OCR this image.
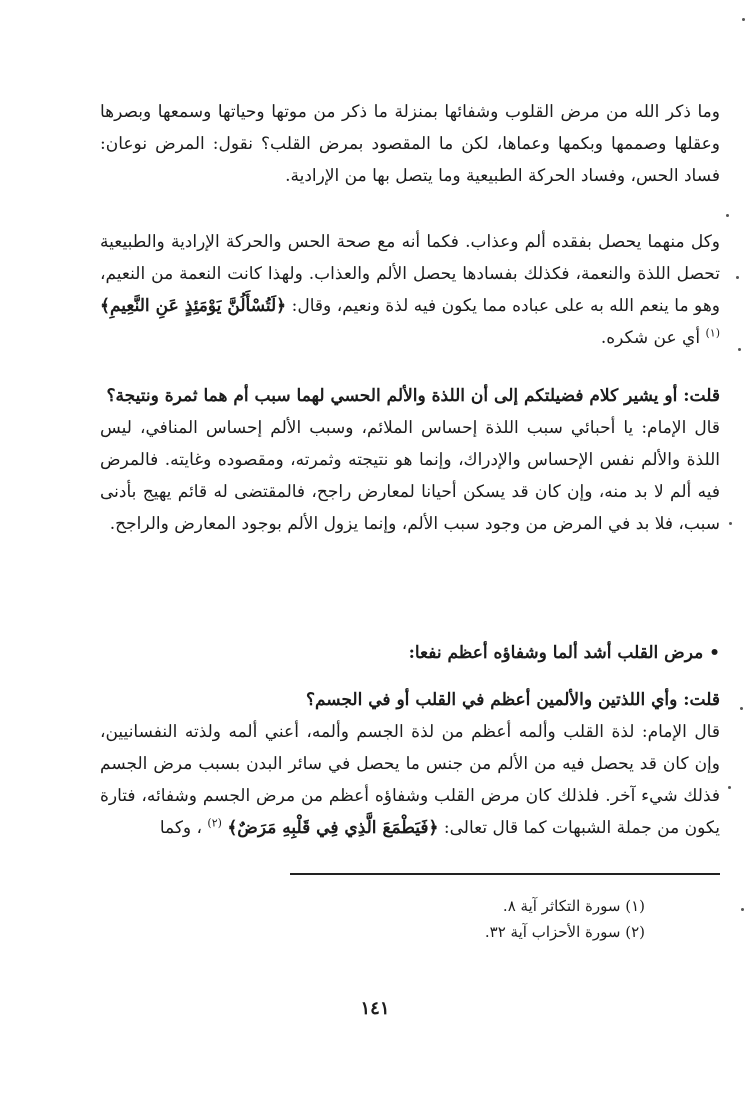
وما ذكر الله من مرض القلوب وشفائها بمنزلة ما ذكر من موتها وحياتها وسمعها وبصرها وعقلها وصممها وبكمها وعماها، لكن ما المقصود بمرض القلب؟ نقول: المرض نوعان: فساد الحس، وفساد الحركة الطبيعية وما يتصل بها من الإرادية.

وكل منهما يحصل بفقده ألم وعذاب. فكما أنه مع صحة الحس والحركة الإرادية والطبيعية تحصل اللذة والنعمة، فكذلك بفسادها يحصل الألم والعذاب. ولهذا كانت النعمة من النعيم، وهو ما ينعم الله به على عباده مما يكون فيه لذة ونعيم، وقال: ﴿لَتُسْأَلُنَّ يَوْمَئِذٍ عَنِ النَّعِيمِ﴾ $^{(١)}$ أي عن شكره.

قلت: أو يشير كلام فضيلتكم إلى أن اللذة والألم الحسي لهما سبب أم هما ثمرة ونتيجة؟

قال الإمام: يا أحبائي سبب اللذة إحساس الملائم، وسبب الألم إحساس المنافي، ليس اللذة والألم نفس الإحساس والإدراك، وإنما هو نتيجته وثمرته، ومقصوده وغايته. فالمرض فيه ألم لا بد منه، وإن كان قد يسكن أحيانا لمعارض راجح، فالمقتضى له قائم يهيج بأدنى سبب، فلا بد في المرض من وجود سبب الألم، وإنما يزول الألم بوجود المعارض والراجح.

• مرض القلب أشد ألما وشفاؤه أعظم نفعا:

قلت: وأي اللذتين والألمين أعظم في القلب أو في الجسم؟

قال الإمام: لذة القلب وألمه أعظم من لذة الجسم وألمه، أعني ألمه ولذته النفسانيين، وإن كان قد يحصل فيه من الألم من جنس ما يحصل في سائر البدن بسبب مرض الجسم فذلك شيء آخر. فلذلك كان مرض القلب وشفاؤه أعظم من مرض الجسم وشفائه، فتارة يكون من جملة الشبهات كما قال تعالى: ﴿فَيَطْمَعَ الَّذِي فِي قَلْبِهِ مَرَضٌ﴾ $^{(٢)}$ ، وكما

(١) سورة التكاثر آية ٨.

(٢) سورة الأحزاب آية ٣٢.

١٤١
